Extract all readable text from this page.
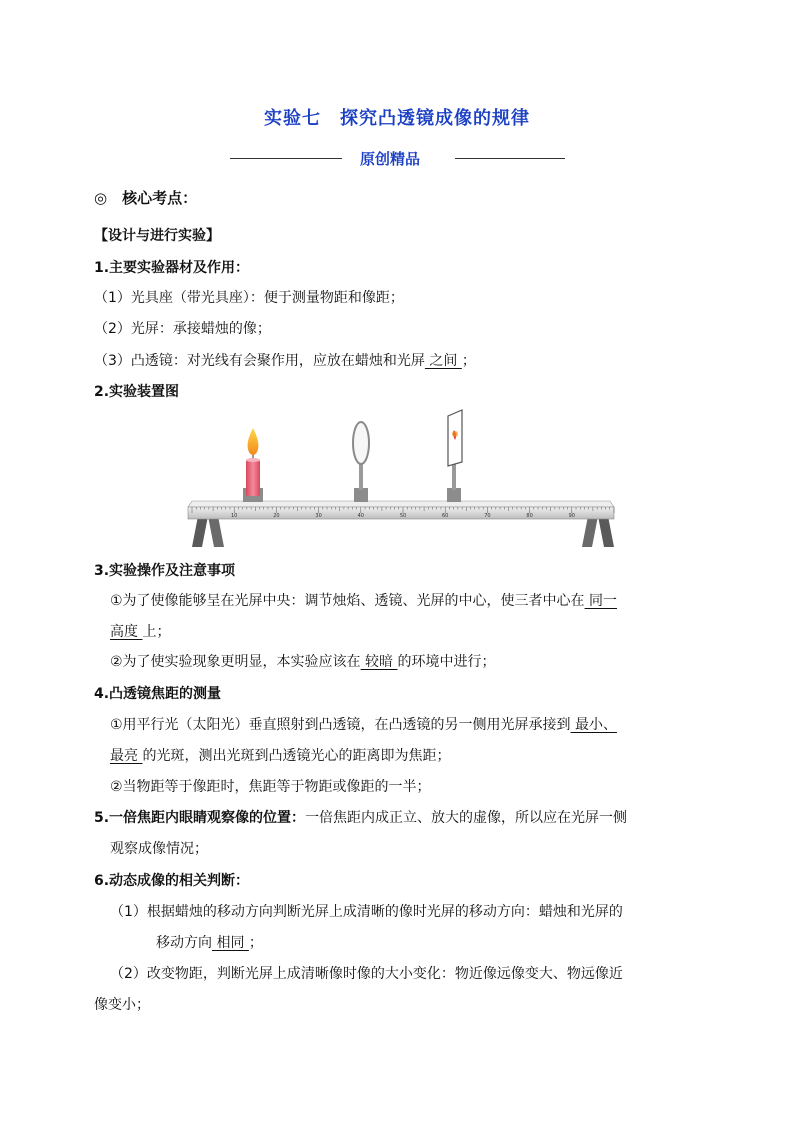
实验七　探究凸透镜成像的规律
原创精品
◎　核心考点：
【设计与进行实验】
1.主要实验器材及作用：
（1）光具座（带光具座）：便于测量物距和像距；
（2）光屏：承接蜡烛的像；
（3）凸透镜：对光线有会聚作用，应放在蜡烛和光屏 之间 ；
2.实验装置图
10	20	30	40	50	60	70	80	90
3.实验操作及注意事项
①为了使像能够呈在光屏中央：调节烛焰、透镜、光屏的中心，使三者中心在 同一
高度 上；
②为了使实验现象更明显，本实验应该在 较暗 的环境中进行；
4.凸透镜焦距的测量
①用平行光（太阳光）垂直照射到凸透镜，在凸透镜的另一侧用光屏承接到 最小、
最亮 的光斑，测出光斑到凸透镜光心的距离即为焦距；
②当物距等于像距时，焦距等于物距或像距的一半；
5.一倍焦距内眼睛观察像的位置：一倍焦距内成正立、放大的虚像，所以应在光屏一侧
观察成像情况；
6.动态成像的相关判断：
（1）根据蜡烛的移动方向判断光屏上成清晰的像时光屏的移动方向：蜡烛和光屏的
移动方向 相同 ；
（2）改变物距，判断光屏上成清晰像时像的大小变化：物近像远像变大、物远像近
像变小；
